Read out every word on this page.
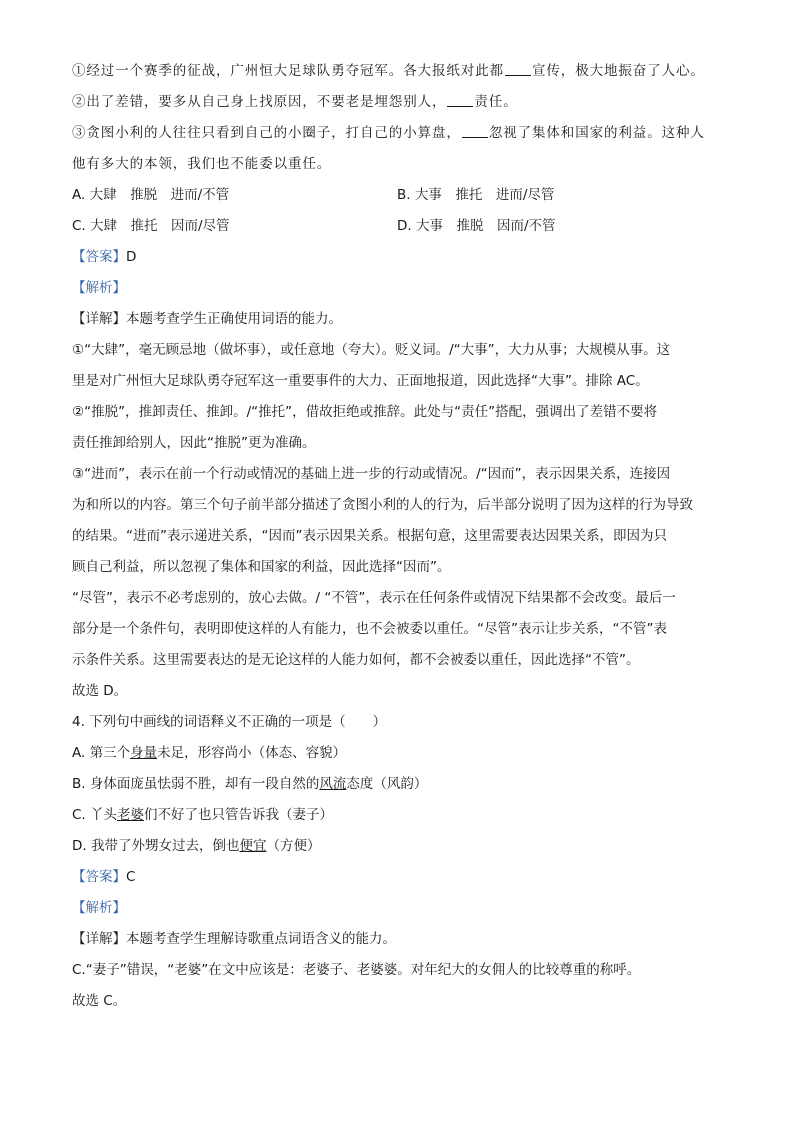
①经过一个赛季的征战，广州恒大足球队勇夺冠军。各大报纸对此都 宣传，极大地振奋了人心。

②出了差错，要多从自己身上找原因，不要老是埋怨别人， 责任。

③贪图小利的人往往只看到自己的小圈子，打自己的小算盘， 忽视了集体和国家的利益。这种人

他有多大的本领，我们也不能委以重任。

A. 大肆　推脱　进而/不管	B. 大事　推托　进而/尽管
C. 大肆　推托　因而/尽管	D. 大事　推脱　因而/不管

【答案】D

【解析】

【详解】本题考查学生正确使用词语的能力。

①“大肆”，毫无顾忌地（做坏事），或任意地（夸大）。贬义词。/“大事”，大力从事；大规模从事。这

里是对广州恒大足球队勇夺冠军这一重要事件的大力、正面地报道，因此选择“大事”。排除 AC。

②“推脱”，推卸责任、推卸。/“推托”，借故拒绝或推辞。此处与“责任”搭配，强调出了差错不要将

责任推卸给别人，因此“推脱”更为准确。

③“进而”，表示在前一个行动或情况的基础上进一步的行动或情况。/“因而”，表示因果关系，连接因

为和所以的内容。第三个句子前半部分描述了贪图小利的人的行为，后半部分说明了因为这样的行为导致

的结果。“进而”表示递进关系，“因而”表示因果关系。根据句意，这里需要表达因果关系，即因为只

顾自己利益，所以忽视了集体和国家的利益，因此选择“因而”。

“尽管”，表示不必考虑别的，放心去做。/ “不管”，表示在任何条件或情况下结果都不会改变。最后一

部分是一个条件句，表明即使这样的人有能力，也不会被委以重任。“尽管”表示让步关系，“不管”表

示条件关系。这里需要表达的是无论这样的人能力如何，都不会被委以重任，因此选择“不管”。

故选 D。

4. 下列句中画线的词语释义不正确的一项是（　　）

A. 第三个身量未足，形容尚小（体态、容貌）

B. 身体面庞虽怯弱不胜，却有一段自然的风流态度（风韵）

C. 丫头老婆们不好了也只管告诉我（妻子）

D. 我带了外甥女过去，倒也便宜（方便）

【答案】C

【解析】

【详解】本题考查学生理解诗歌重点词语含义的能力。

C.“妻子”错误，“老婆”在文中应该是：老婆子、老婆婆。对年纪大的女佣人的比较尊重的称呼。

故选 C。
